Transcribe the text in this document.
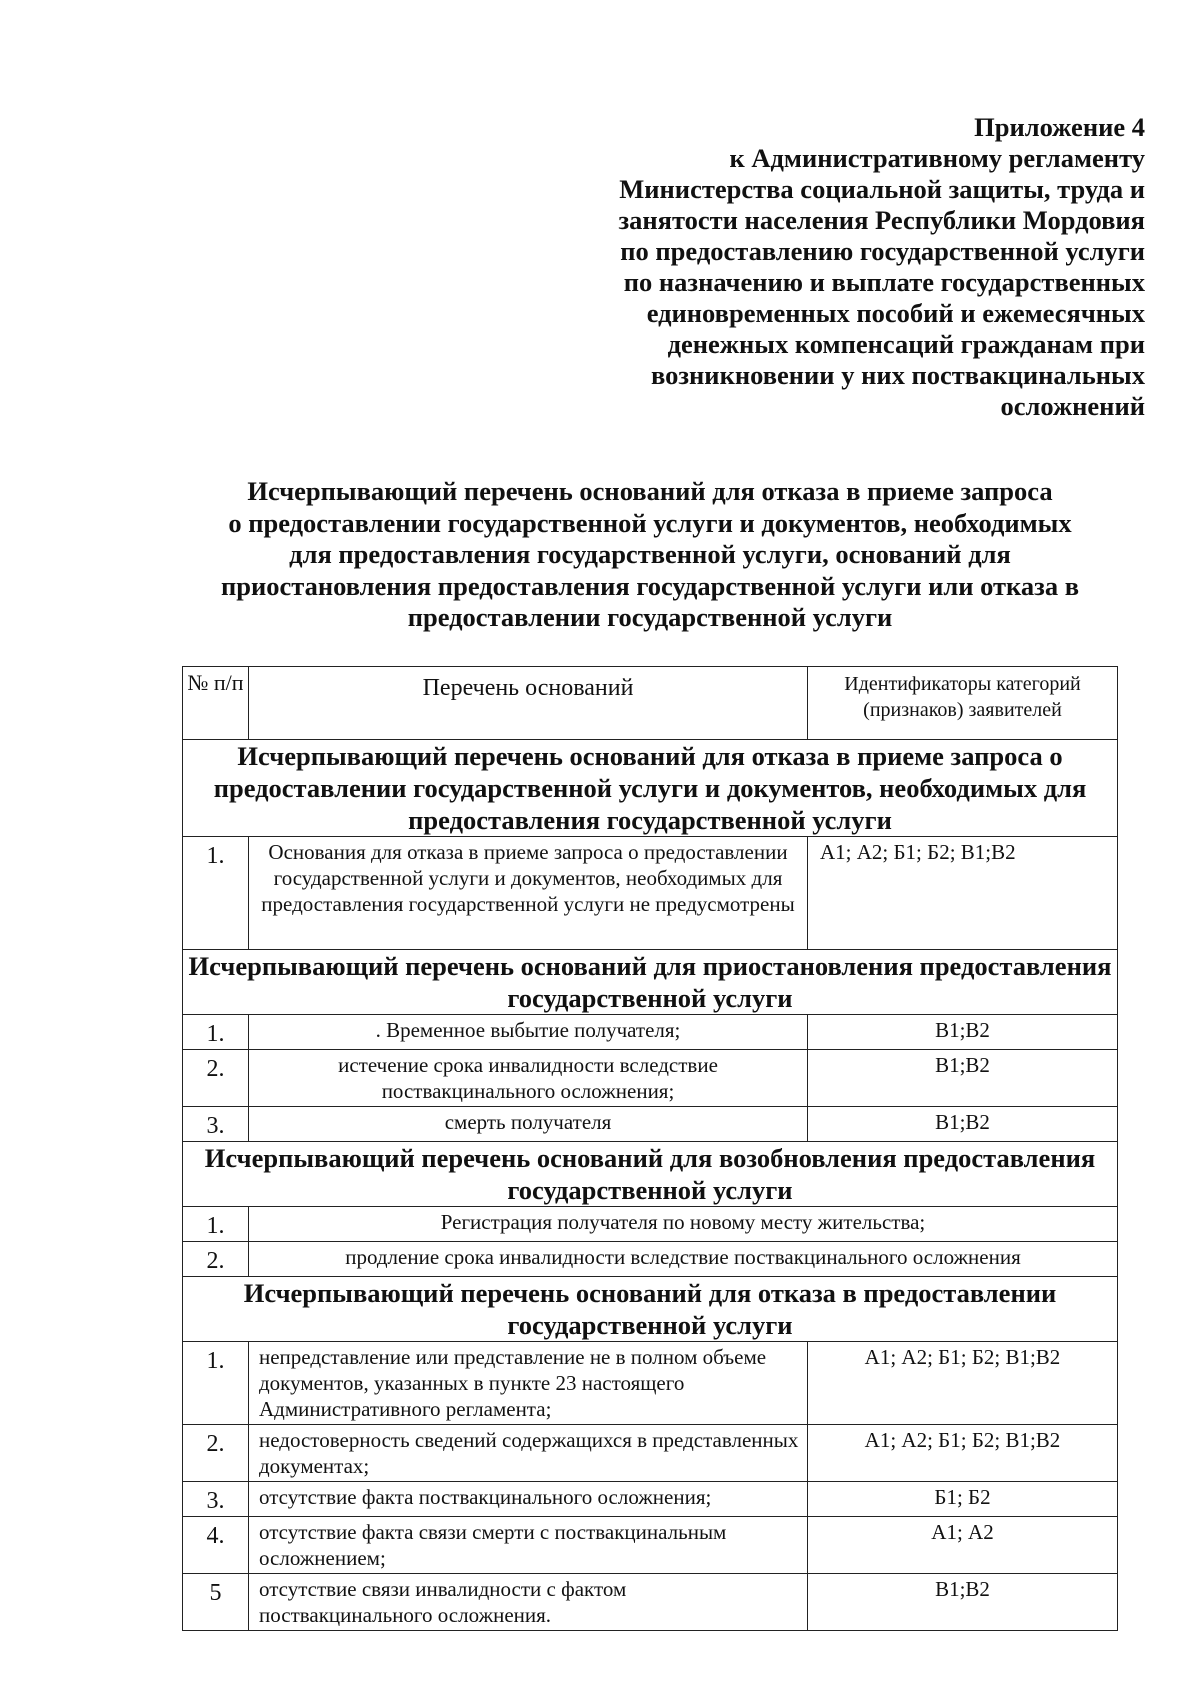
Приложение 4
к Административному регламенту
Министерства социальной защиты, труда и
занятости населения Республики Мордовия
по предоставлению государственной услуги
по назначению и выплате государственных
единовременных пособий и ежемесячных
денежных компенсаций гражданам при
возникновении у них поствакцинальных
осложнений
Исчерпывающий перечень оснований для отказа в приеме запроса
о предоставлении государственной услуги и документов, необходимых
для предоставления государственной услуги, оснований для
приостановления предоставления государственной услуги или отказа в
предоставлении государственной услуги
№ п/п	Перечень оснований	Идентификаторы категорий (признаков) заявителей
Исчерпывающий перечень оснований для отказа в приеме запроса о предоставлении государственной услуги и документов, необходимых для предоставления государственной услуги		
1.	Основания для отказа в приеме запроса о предоставлении государственной услуги и документов, необходимых для предоставления государственной услуги не предусмотрены	А1; А2; Б1; Б2; В1;В2
Исчерпывающий перечень оснований для приостановления предоставления государственной услуги		
1.	. Временное выбытие получателя;	В1;В2
2.	истечение срока инвалидности вследствие поствакцинального осложнения;	В1;В2
3.	смерть получателя	В1;В2
Исчерпывающий перечень оснований для возобновления предоставления государственной услуги		
1.	Регистрация получателя по новому месту жительства;	
2.	продление срока инвалидности вследствие поствакцинального осложнения	
Исчерпывающий перечень оснований для отказа в предоставлении государственной услуги		
1.	непредставление или представление не в полном объеме документов, указанных в пункте 23 настоящего Административного регламента;	А1; А2; Б1; Б2; В1;В2
2.	недостоверность сведений содержащихся в представленных документах;	А1; А2; Б1; Б2; В1;В2
3.	отсутствие факта поствакцинального осложнения;	Б1; Б2
4.	отсутствие факта связи смерти с поствакцинальным осложнением;	А1; А2
5	отсутствие связи инвалидности с фактом поствакцинального осложнения.	В1;В2
